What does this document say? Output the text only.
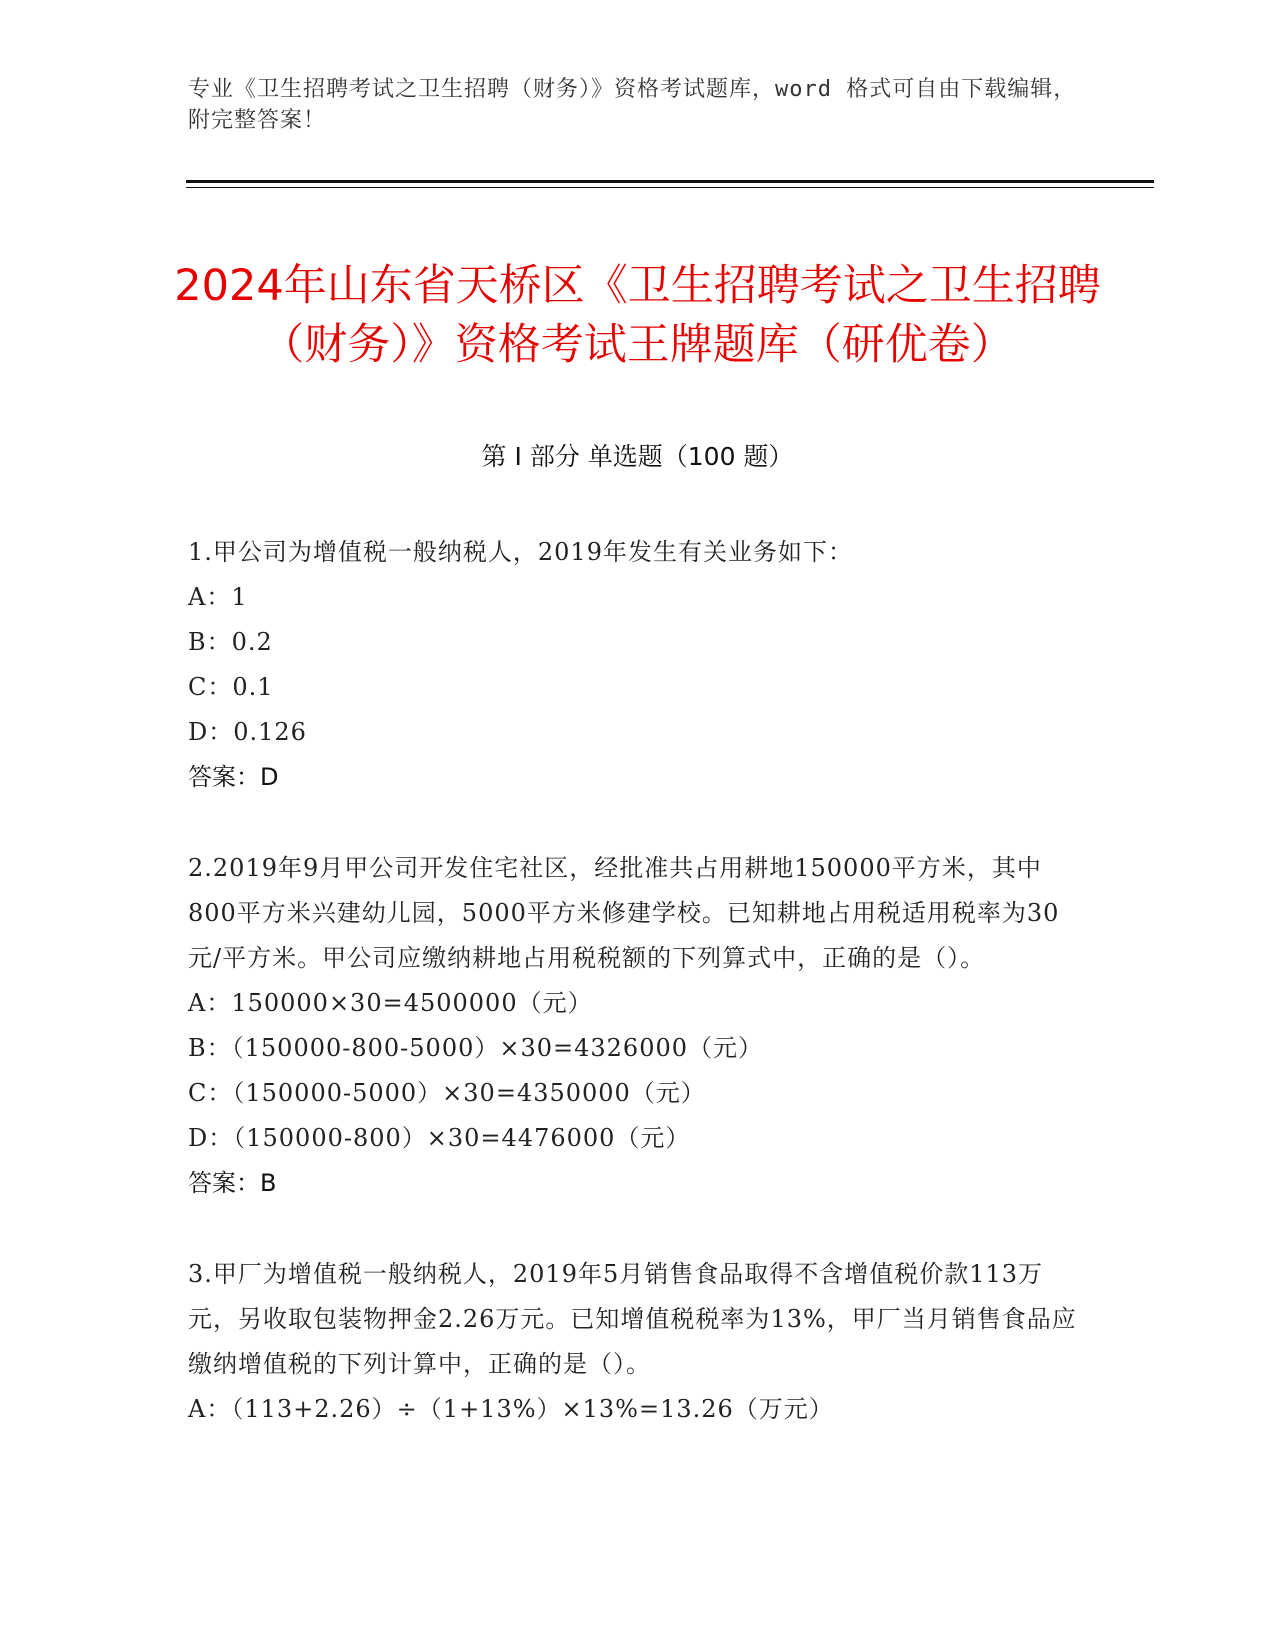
专业《卫生招聘考试之卫生招聘（财务）》资格考试题库，word 格式可自由下载编辑，附完整答案！
2024年山东省天桥区《卫生招聘考试之卫生招聘（财务）》资格考试王牌题库（研优卷）
第 I 部分 单选题（100 题）

1.甲公司为增值税一般纳税人，2019年发生有关业务如下：

A：1
B：0.2
C：0.1
D：0.126
答案：D

2.2019年9月甲公司开发住宅社区，经批准共占用耕地150000平方米，其中800平方米兴建幼儿园，5000平方米修建学校。已知耕地占用税适用税率为30元/平方米。甲公司应缴纳耕地占用税税额的下列算式中，正确的是（）。

A：150000×30=4500000（元）
B：（150000-800-5000）×30=4326000（元）
C：（150000-5000）×30=4350000（元）
D：（150000-800）×30=4476000（元）
答案：B

3.甲厂为增值税一般纳税人，2019年5月销售食品取得不含增值税价款113万元，另收取包装物押金2.26万元。已知增值税税率为13%，甲厂当月销售食品应缴纳增值税的下列计算中，正确的是（）。

A：（113+2.26）÷（1+13%）×13%=13.26（万元）
